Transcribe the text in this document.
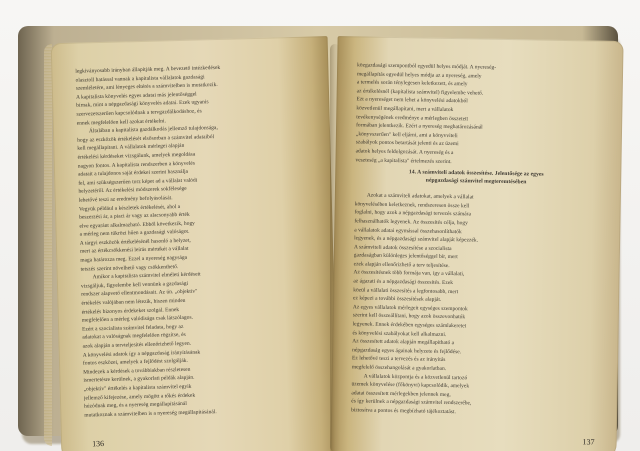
legkiványosabb irányban állapítják meg. A bevezető intézkedések
olasztoll hatással vannak a kapitalista vállalatok gazdasági
szemléletére, ami lényeges eltérés a számvitelben is mutatkozik.
A kapitalista könyvelés egyes adatai más jelentőséggel
bírnak, mint a népgazdasági könyvelés adatai. Ezek ugyanis
szervezetszerűen kapcsolódnak a tervgazdálkodáshoz, és
ennek megfelelően kell azokat értékelni.
Általában a kapitalista gazdálkodás jellemző tulajdonsága,
hogy az eszközök értékelését elsősorban a számvitel adataiból
kell megállapítani. A vállalatok mérlegei alapján
értékelési kérdéseket vizsgálunk, amelyek megoldása
nagyon fontos. A kapitalista rendszerben a könyvelés
adatait a tulajdonos saját érdekei szerint használja
fel, ami szükségszerűen torz képet ad a vállalat valódi
helyzetéről. Az értékelési módszerek sokfélesége
lehetővé teszi az eredmény befolyásolását.
Vegyük például a készletek értékelését, ahol a
beszerzési ár, a piaci ár vagy az alacsonyabb érték
elve egyaránt alkalmazható. Ebből következik, hogy
a mérleg nem tükrözi hűen a gazdasági valóságot.
A tárgyi eszközök értékelésénél hasonló a helyzet,
mert az értékcsökkenési leírás mértékét a vállalat
maga határozza meg. Ezzel a nyereség nagysága
tetszés szerint növelhető vagy csökkenthető.
Amikor a kapitalista számvitel elméleti kérdéseit
vizsgáljuk, figyelembe kell vennünk a gazdasági
rendszer alapvető ellentmondásait. Az ún. „objektív"
értékelés valójában nem létezik, hiszen minden
értékelés bizonyos érdekeket szolgál. Ennek
megfelelően a mérleg valódisága csak látszólagos.
Ezért a szocialista számvitel feladata, hogy az
adatokat a valóságnak megfelelően rögzítse, és
azok alapján a tervteljesítés ellenőrizhető legyen.
A könyvelési adatok így a népgazdaság irányításának
fontos eszközei, amelyek a fejlődést szolgálják.
Mindezek a kérdések a továbbiakban részletesen
ismertetésre kerülnek, a gyakorlati példák alapján.
„objektív" értékelés a kapitalista számvitel egyik
jellemző kifejezése, amely mögött a tőkés érdekek
húzódnak meg, és a nyereség megállapításánál
mutatkoznak a számvitelben is a nyereség megállapításánál.
136
közgazdasági szempontból egyedül helyes módját. A nyereség-
megállapítás egyedül helyes módja az a nyereség, amely
a termelés során ténylegesen keletkezett, és amely
az értékelésnél (kapitalista számvitel) figyelembe vehető.
Ezt a nyereséget nem lehet a könyvelési adatokból
közvetlenül megállapítani, mert a vállalatok
tevékenységének eredménye a mérlegben összetett
formában jelentkezik. Ezért a nyereség meghatározásánál
„könyvszerűen" kell eljárni, ami a könyvviteli
szabályok pontos betartását jelenti és az üzemi
adatok helyes feldolgozását. A nyereség és a
veszteség „a kapitalista" értelmezés szerint.
14. A számviteli adatok összesítése. Jelentősége az egyes
népgazdasági számvitel megteremtésében
Azokat a számviteli adatokat, amelyek a vállalat
könyvelésében keletkeznek, rendszeresen össze kell
foglalni, hogy azok a népgazdasági tervezés számára
felhasználhatók legyenek. Az összesítés célja, hogy
a vállalatok adatai egymással összehasonlíthatók
legyenek, és a népgazdasági számvitel alapját képezzék.
A számviteli adatok összesítése a szocialista
gazdaságban különleges jelentőséggel bír, mert
ezek alapján ellenőrizhető a terv teljesítése.
Az összesítésnek több formája van, így a vállalati,
az ágazati és a népgazdasági összesítés. Ezek
közül a vállalati összesítés a legfontosabb, mert
ez képezi a további összesítések alapját.
Az egyes vállalatok mérlegeit egységes szempontok
szerint kell összeállítani, hogy azok összevonhatók
legyenek. Ennek érdekében egységes számlakeretet
és könyvelési szabályokat kell alkalmazni.
Az összesített adatok alapján megállapítható a
népgazdaság egyes ágainak helyzete és fejlődése.
Ez lehetővé teszi a tervezés és az irányítás
megfelelő összehangolását a gyakorlatban.
A vállalatok központja és a közvetlenül tartozó
üzemek könyvelése (főkönyvi) kapcsolódik, amelyek
adatai összesített mérlegekben jelennek meg,
és így kerülnek a népgazdasági számvitel rendszerébe,
biztosítva a pontos és megbízható tájékoztatást.
137
